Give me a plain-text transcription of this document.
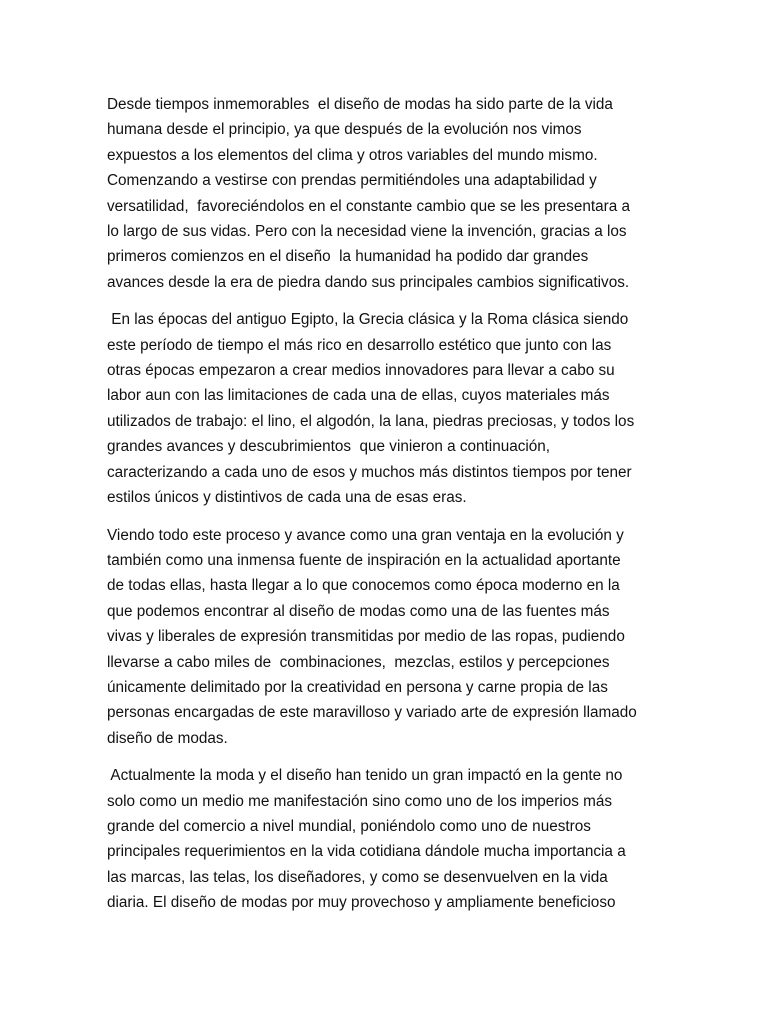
Desde tiempos inmemorables  el diseño de modas ha sido parte de la vida
humana desde el principio, ya que después de la evolución nos vimos
expuestos a los elementos del clima y otros variables del mundo mismo.
Comenzando a vestirse con prendas permitiéndoles una adaptabilidad y
versatilidad,  favoreciéndolos en el constante cambio que se les presentara a
lo largo de sus vidas. Pero con la necesidad viene la invención, gracias a los
primeros comienzos en el diseño  la humanidad ha podido dar grandes
avances desde la era de piedra dando sus principales cambios significativos.

En las épocas del antiguo Egipto, la Grecia clásica y la Roma clásica siendo
este período de tiempo el más rico en desarrollo estético que junto con las
otras épocas empezaron a crear medios innovadores para llevar a cabo su
labor aun con las limitaciones de cada una de ellas, cuyos materiales más
utilizados de trabajo: el lino, el algodón, la lana, piedras preciosas, y todos los
grandes avances y descubrimientos  que vinieron a continuación,
caracterizando a cada uno de esos y muchos más distintos tiempos por tener
estilos únicos y distintivos de cada una de esas eras.

Viendo todo este proceso y avance como una gran ventaja en la evolución y
también como una inmensa fuente de inspiración en la actualidad aportante
de todas ellas, hasta llegar a lo que conocemos como época moderno en la
que podemos encontrar al diseño de modas como una de las fuentes más
vivas y liberales de expresión transmitidas por medio de las ropas, pudiendo
llevarse a cabo miles de  combinaciones,  mezclas, estilos y percepciones
únicamente delimitado por la creatividad en persona y carne propia de las
personas encargadas de este maravilloso y variado arte de expresión llamado
diseño de modas.

Actualmente la moda y el diseño han tenido un gran impactó en la gente no
solo como un medio me manifestación sino como uno de los imperios más
grande del comercio a nivel mundial, poniéndolo como uno de nuestros
principales requerimientos en la vida cotidiana dándole mucha importancia a
las marcas, las telas, los diseñadores, y como se desenvuelven en la vida
diaria. El diseño de modas por muy provechoso y ampliamente beneficioso
